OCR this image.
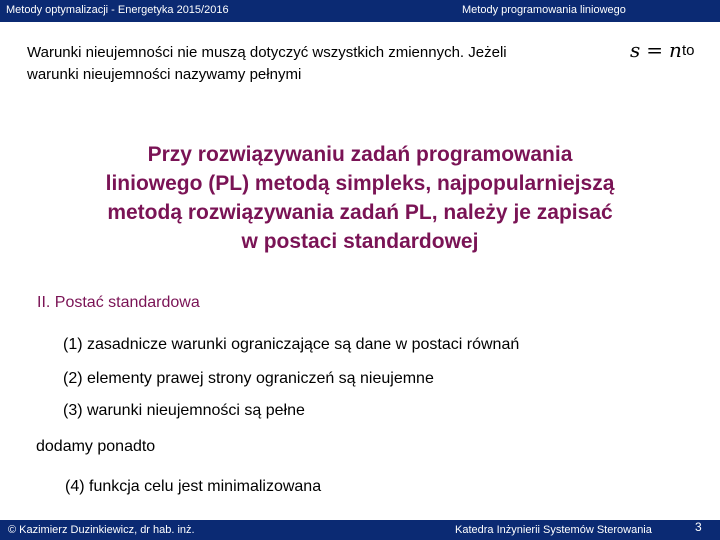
Metody optymalizacji - Energetyka 2015/2016	Metody programowania liniowego
Warunki nieujemności nie muszą dotyczyć wszystkich zmiennych. Jeżeli
warunki nieujemności nazywamy pełnymi
s = n to
Przy rozwiązywaniu zadań programowania
liniowego (PL) metodą simpleks, najpopularniejszą
metodą rozwiązywania zadań PL, należy je zapisać
w postaci standardowej
II. Postać standardowa
(1) zasadnicze warunki ograniczające są dane w postaci równań
(2) elementy prawej strony ograniczeń są nieujemne
(3) warunki nieujemności są pełne
dodamy ponadto
(4) funkcja celu jest minimalizowana
© Kazimierz Duzinkiewicz, dr hab. inż.	Katedra Inżynierii Systemów Sterowania	3
